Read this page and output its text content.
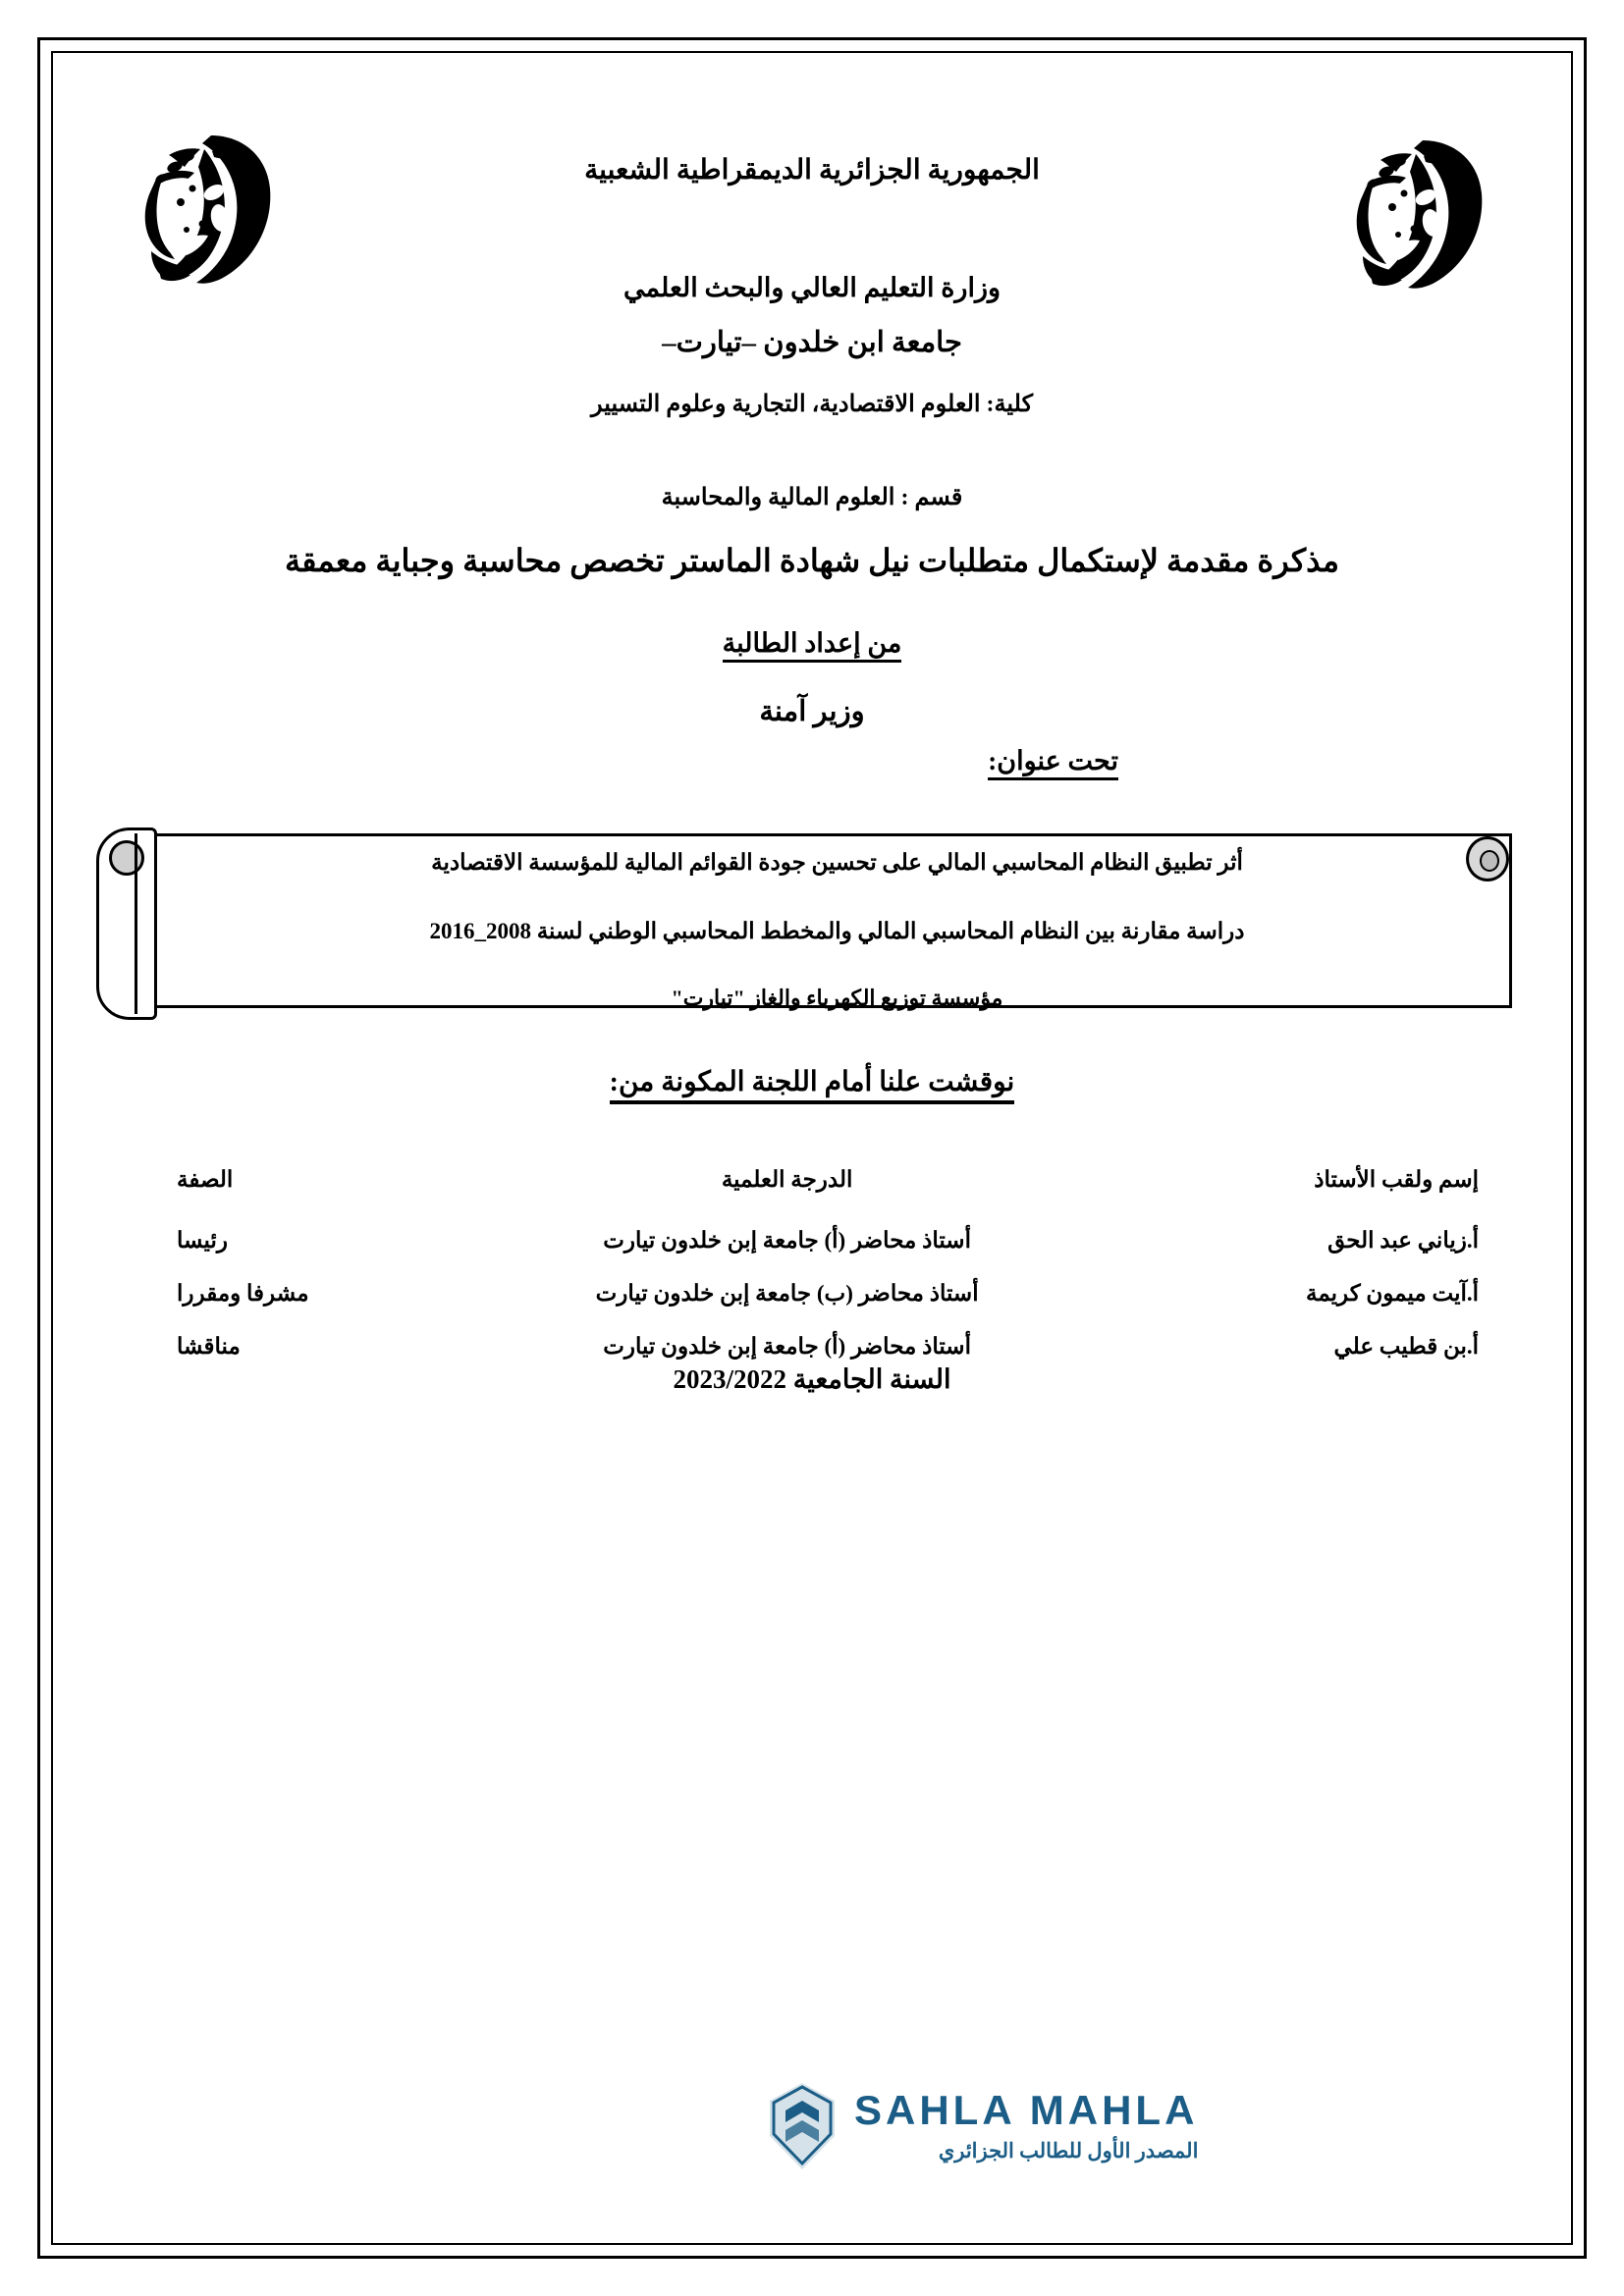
الجمهورية الجزائرية الديمقراطية الشعبية
وزارة التعليم العالي والبحث العلمي
جامعة ابن خلدون –تيارت–
كلية: العلوم الاقتصادية، التجارية وعلوم التسيير
قسم : العلوم المالية والمحاسبة
مذكرة مقدمة لإستكمال متطلبات نيل شهادة الماستر تخصص محاسبة وجباية معمقة
من إعداد الطالبة
وزير آمنة
تحت عنوان:
أثر تطبيق النظام المحاسبي المالي على تحسين جودة القوائم المالية للمؤسسة الاقتصادية
دراسة مقارنة بين النظام المحاسبي المالي والمخطط المحاسبي الوطني لسنة 2008_2016
مؤسسة توزيع الكهرباء والغاز "تيارت"
نوقشت علنا أمام اللجنة المكونة من:
إسم ولقب الأستاذ	الدرجة العلمية	الصفة
أ.زياني عبد الحق	أستاذ محاضر (أ) جامعة إبن خلدون تيارت	رئيسا
أ.آيت ميمون كريمة	أستاذ محاضر (ب) جامعة إبن خلدون تيارت	مشرفا ومقررا
أ.بن قطيب علي	أستاذ محاضر (أ) جامعة إبن خلدون تيارت	مناقشا
السنة الجامعية 2023/2022
SAHLA MAHLA
المصدر الأول للطالب الجزائري
